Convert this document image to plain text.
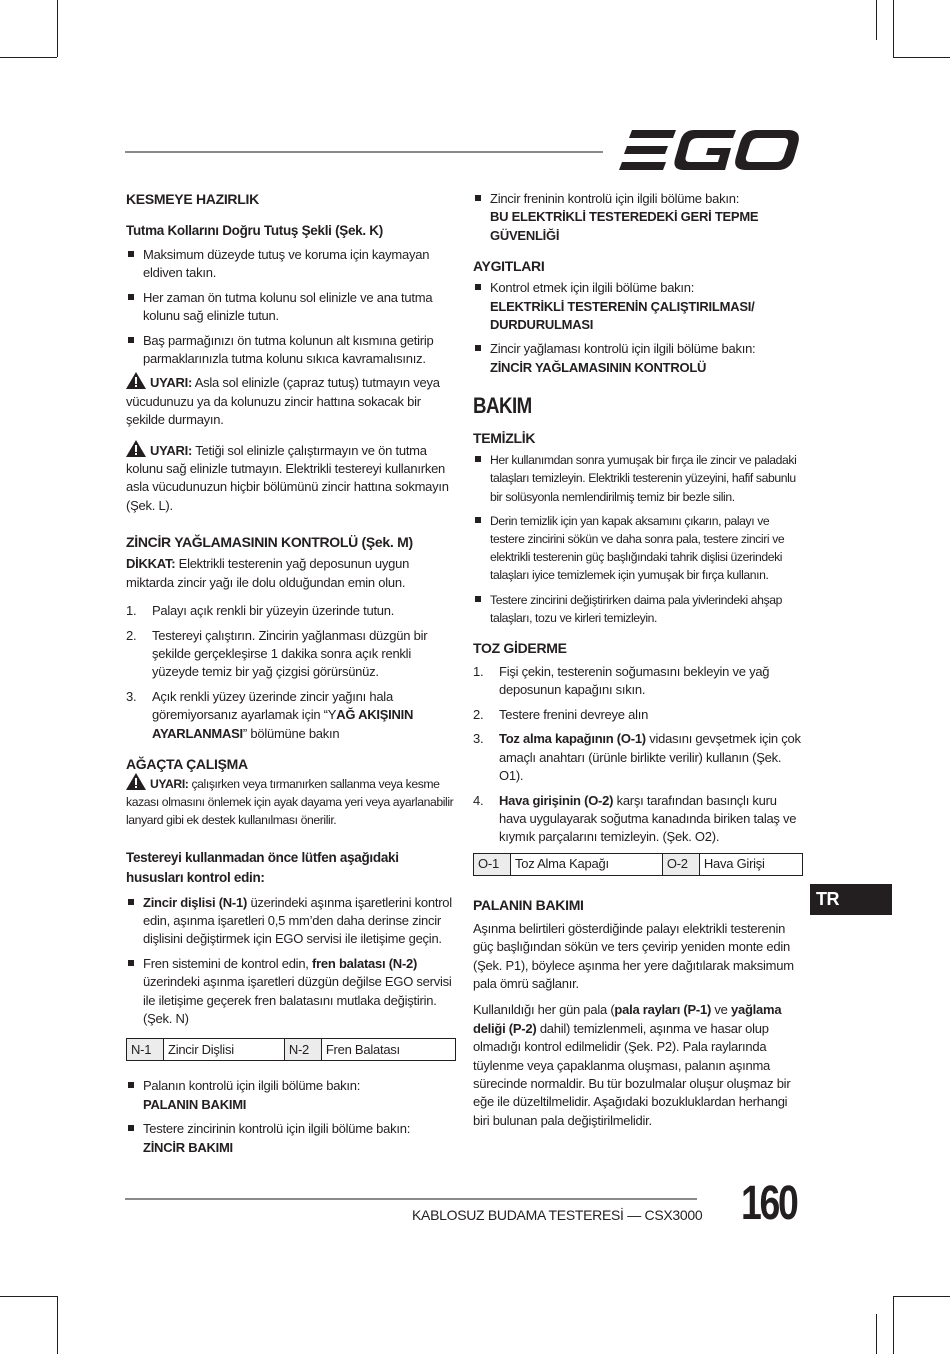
KESMEYE HAZIRLIK
Tutma Kollarını Doğru Tutuş Şekli (Şek. K)
Maksimum düzeyde tutuş ve koruma için kaymayan eldiven takın.
Her zaman ön tutma kolunu sol elinizle ve ana tutma kolunu sağ elinizle tutun.
Baş parmağınızı ön tutma kolunun alt kısmına getirip parmaklarınızla tutma kolunu sıkıca kavramalısınız.

UYARI: Asla sol elinizle (çapraz tutuş) tutmayın veya vücudunuzu ya da kolunuzu zincir hattına sokacak bir şekilde durmayın.

UYARI: Tetiği sol elinizle çalıştırmayın ve ön tutma kolunu sağ elinizle tutmayın. Elektrikli testereyi kullanırken asla vücudunuzun hiçbir bölümünü zincir hattına sokmayın (Şek. L).

ZİNCİR YAĞLAMASININ KONTROLÜ (Şek. M)

DİKKAT: Elektrikli testerenin yağ deposunun uygun miktarda zincir yağı ile dolu olduğundan emin olun.

1. Palayı açık renkli bir yüzeyin üzerinde tutun.
2. Testereyi çalıştırın. Zincirin yağlanması düzgün bir şekilde gerçekleşirse 1 dakika sonra açık renkli yüzeyde temiz bir yağ çizgisi görürsünüz.
3. Açık renkli yüzey üzerinde zincir yağını hala göremiyorsanız ayarlamak için “YAĞ AKIŞININ AYARLANMASI” bölümüne bakın
AĞAÇTA ÇALIŞMA

UYARI: çalışırken veya tırmanırken sallanma veya kesme kazası olmasını önlemek için ayak dayama yeri veya ayarlanabilir lanyard gibi ek destek kullanılması önerilir.

Testereyi kullanmadan önce lütfen aşağıdaki hususları kontrol edin:
Zincir dişlisi (N-1) üzerindeki aşınma işaretlerini kontrol edin, aşınma işaretleri 0,5 mm’den daha derinse zincir dişlisini değiştirmek için EGO servisi ile iletişime geçin.
Fren sistemini de kontrol edin, fren balatası (N-2) üzerindeki aşınma işaretleri düzgün değilse EGO servisi ile iletişime geçerek fren balatasını mutlaka değiştirin. (Şek. N)
N-1	Zincir Dişlisi	N-2	Fren Balatası
Palanın kontrolü için ilgili bölüme bakın:
PALANIN BAKIMI
Testere zincirinin kontrolü için ilgili bölüme bakın:
ZİNCİR BAKIMI
Zincir freninin kontrolü için ilgili bölüme bakın:
BU ELEKTRİKLİ TESTEREDEKİ GERİ TEPME GÜVENLİĞİ
AYGITLARI
Kontrol etmek için ilgili bölüme bakın:
ELEKTRİKLİ TESTERENİN ÇALIŞTIRILMASI/ DURDURULMASI
Zincir yağlaması kontrolü için ilgili bölüme bakın:
ZİNCİR YAĞLAMASININ KONTROLÜ
BAKIM
TEMİZLİK
Her kullanımdan sonra yumuşak bir fırça ile zincir ve paladaki talaşları temizleyin. Elektrikli testerenin yüzeyini, hafif sabunlu bir solüsyonla nemlendirilmiş temiz bir bezle silin.
Derin temizlik için yan kapak aksamını çıkarın, palayı ve testere zincirini sökün ve daha sonra pala, testere zinciri ve elektrikli testerenin güç başlığındaki tahrik dişlisi üzerindeki talaşları iyice temizlemek için yumuşak bir fırça kullanın.
Testere zincirini değiştirirken daima pala yivlerindeki ahşap talaşları, tozu ve kirleri temizleyin.
TOZ GİDERME
1. Fişi çekin, testerenin soğumasını bekleyin ve yağ deposunun kapağını sıkın.
2. Testere frenini devreye alın
3. Toz alma kapağının (O-1) vidasını gevşetmek için çok amaçlı anahtarı (ürünle birlikte verilir) kullanın (Şek. O1).
4. Hava girişinin (O-2) karşı tarafından basınçlı kuru hava uygulayarak soğutma kanadında biriken talaş ve kıymık parçalarını temizleyin. (Şek. O2).
O-1	Toz Alma Kapağı	O-2	Hava Girişi
PALANIN BAKIMI

Aşınma belirtileri gösterdiğinde palayı elektrikli testerenin güç başlığından sökün ve ters çevirip yeniden monte edin (Şek. P1), böylece aşınma her yere dağıtılarak maksimum pala ömrü sağlanır.

Kullanıldığı her gün pala (pala rayları (P-1) ve yağlama deliği (P-2) dahil) temizlenmeli, aşınma ve hasar olup olmadığı kontrol edilmelidir (Şek. P2). Pala raylarında tüylenme veya çapaklanma oluşması, palanın aşınma sürecinde normaldir. Bu tür bozulmalar oluşur oluşmaz bir eğe ile düzeltilmelidir. Aşağıdaki bozukluklardan herhangi biri bulunan pala değiştirilmelidir.

TR
KABLOSUZ BUDAMA TESTERESİ — CSX3000 160
